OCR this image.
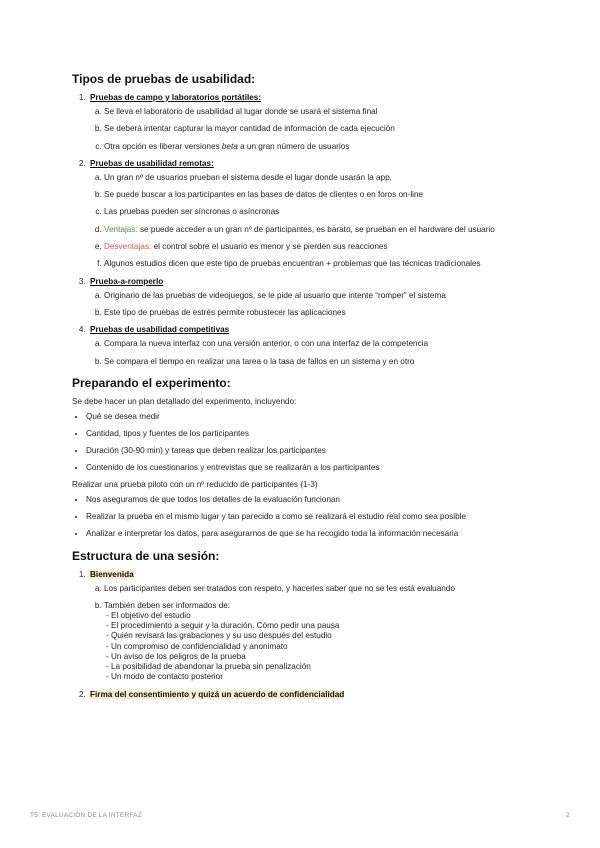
Tipos de pruebas de usabilidad:
1. Pruebas de campo y laboratorios portátiles:
a. Se lleva el laboratorio de usabilidad al lugar donde se usará el sistema final
b. Se deberá intentar capturar la mayor cantidad de información de cada ejecución
c. Otra opción es liberar versiones beta a un gran número de usuarios
2. Pruebas de usabilidad remotas:
a. Un gran nº de usuarios prueban el sistema desde el lugar donde usarán la app.
b. Se puede buscar a los participantes en las bases de datos de clientes o en foros on-line
c. Las pruebas pueden ser síncronas o asíncronas
d. Ventajas: se puede acceder a un gran nº de participantes, es barato, se prueban en el hardware del usuario
e. Desventajas: el control sobre el usuario es menor y se pierden sus reacciones
f. Algunos estudios dicen que este tipo de pruebas encuentran + problemas que las técnicas tradicionales
3. Prueba-a-romperlo
a. Originario de las pruebas de videojuegos, se le pide al usuario que intente “romper” el sistema
b. Este tipo de pruebas de estrés permite robustecer las aplicaciones
4. Pruebas de usabilidad competitivas
a. Compara la nueva interfaz con una versión anterior, o con una interfaz de la competencia
b. Se compara el tiempo en realizar una tarea o la tasa de fallos en un sistema y en otro
Preparando el experimento:

Se debe hacer un plan detallado del experimento, incluyendo:

• Qué se desea medir
• Cantidad, tipos y fuentes de los participantes
• Duración (30-90 min) y tareas que deben realizar los participantes
• Contenido de los cuestionarios y entrevistas que se realizarán a los participantes

Realizar una prueba piloto con un nº reducido de participantes (1-3)

• Nos aseguramos de que todos los detalles de la evaluación funcionan
• Realizar la prueba en el mismo lugar y tan parecido a como se realizará el estudio real como sea posible
• Analizar e interpretar los datos, para asegurarnos de que se ha recogido toda la información necesaria
Estructura de una sesión:
1. Bienvenida
a. Los participantes deben ser tratados con respeto, y hacerles saber que no se les está evaluando
b. También deben ser informados de:
- El objetivo del estudio
- El procedimiento a seguir y la duración. Cómo pedir una pausa
- Quién revisará las grabaciones y su uso después del estudio
- Un compromiso de confidencialidad y anonimato
- Un aviso de los peligros de la prueba
- La posibilidad de abandonar la prueba sin penalización
- Un modo de contacto posterior
2. Firma del consentimiento y quizá un acuerdo de confidencialidad
T5: EVALUACIÓN DE LA INTERFAZ	2
